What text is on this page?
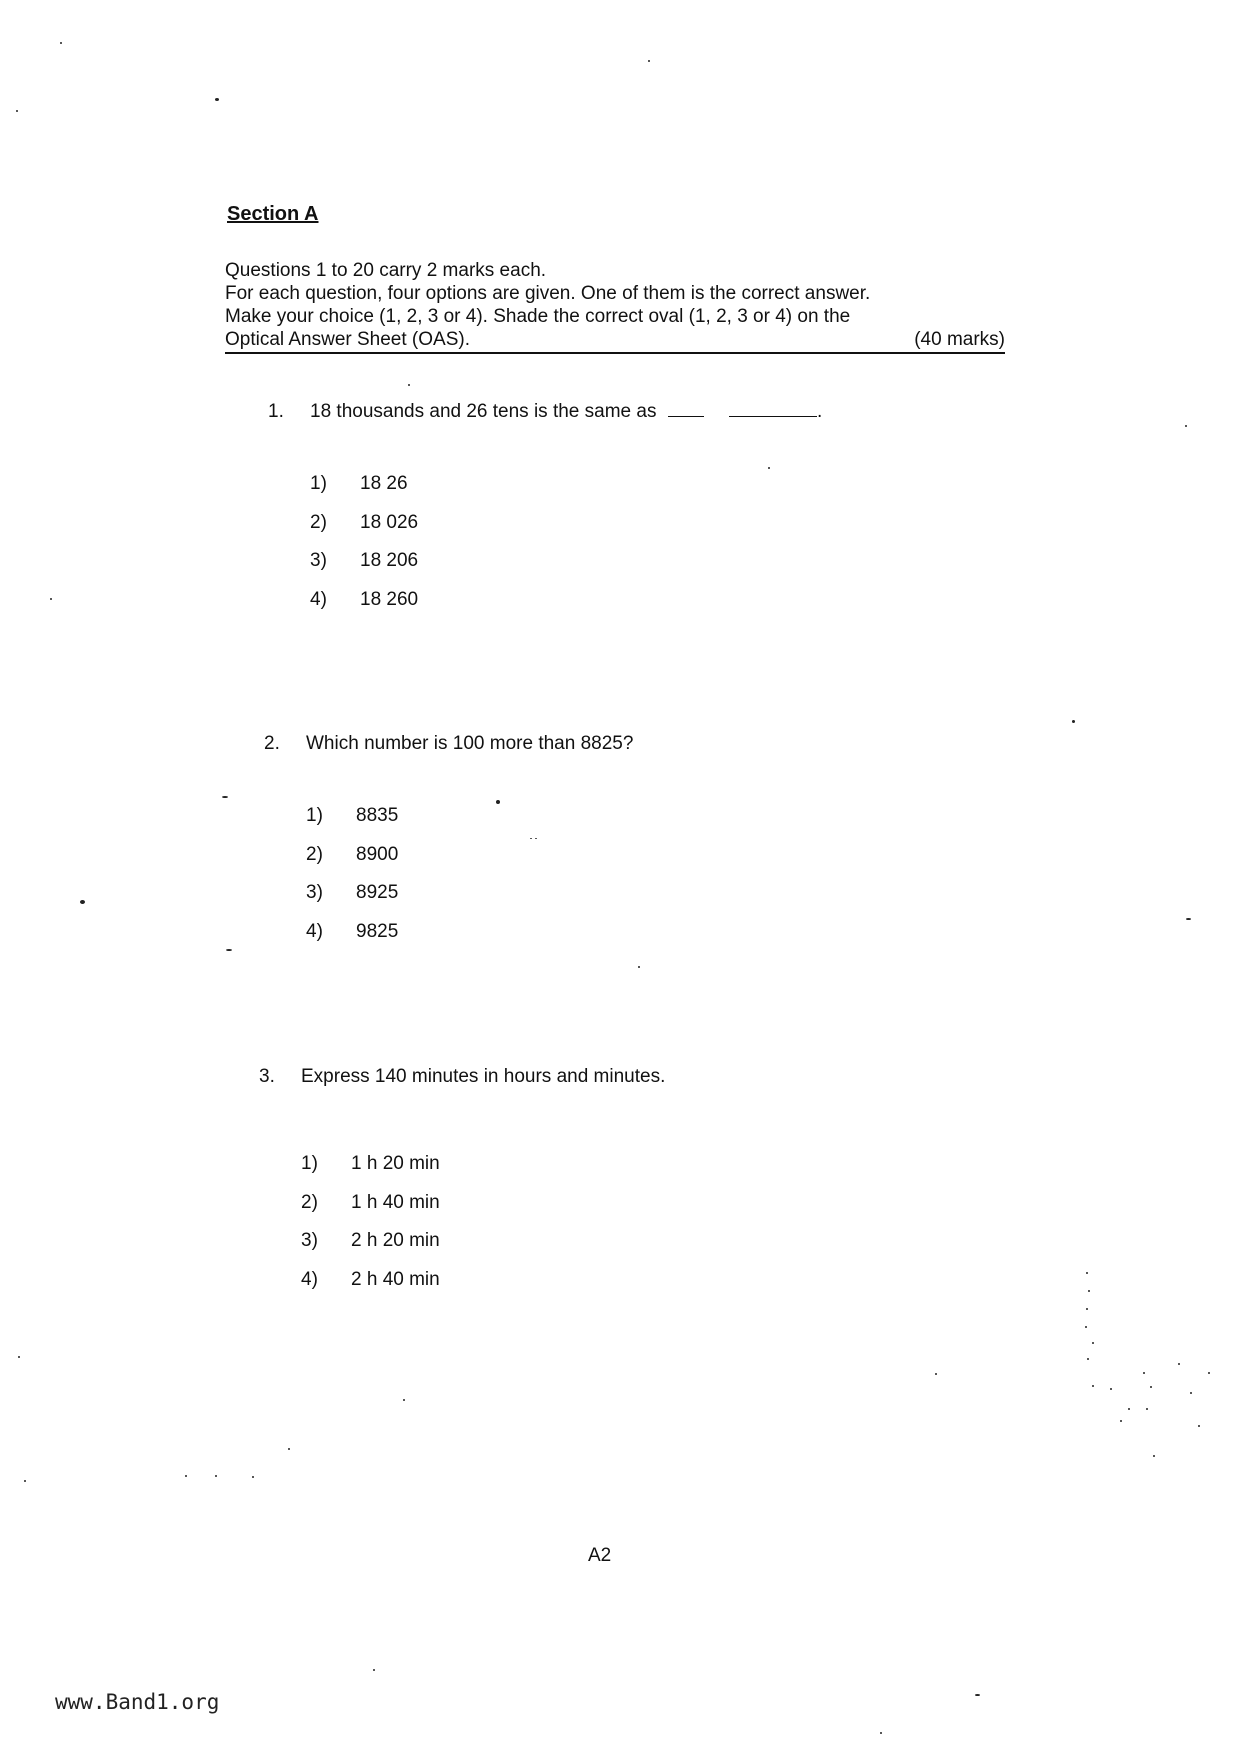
Section A
Questions 1 to 20 carry 2 marks each.
For each question, four options are given. One of them is the correct answer.
Make your choice (1, 2, 3 or 4). Shade the correct oval (1, 2, 3 or 4) on the
Optical Answer Sheet (OAS).	(40 marks)
1. 18 thousands and 26 tens is the same as	.
1) 18 26
2) 18 026
3) 18 206
4) 18 260
2. Which number is 100 more than 8825?
1) 8835
2) 8900
3) 8925
4) 9825
3. Express 140 minutes in hours and minutes.
1) 1 h 20 min
2) 1 h 40 min
3) 2 h 20 min
4) 2 h 40 min
A2
www.Band1.org
